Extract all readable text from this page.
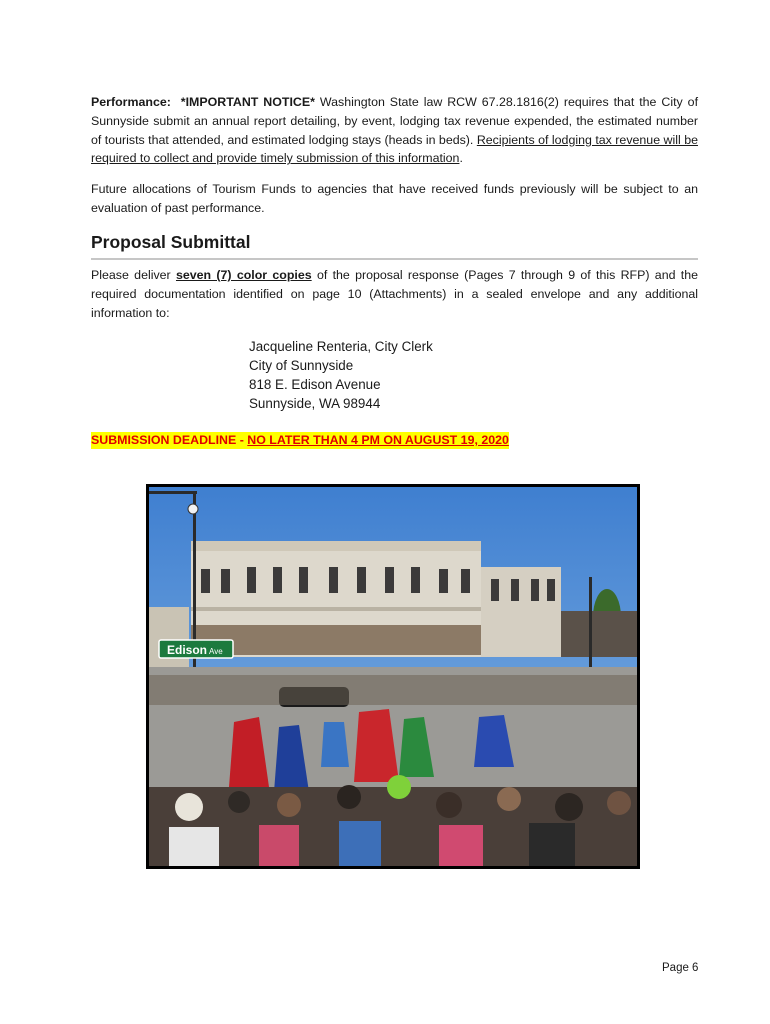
Performance: *IMPORTANT NOTICE* Washington State law RCW 67.28.1816(2) requires that the City of Sunnyside submit an annual report detailing, by event, lodging tax revenue expended, the estimated number of tourists that attended, and estimated lodging stays (heads in beds). Recipients of lodging tax revenue will be required to collect and provide timely submission of this information.

Future allocations of Tourism Funds to agencies that have received funds previously will be subject to an evaluation of past performance.

Proposal Submittal

Please deliver seven (7) color copies of the proposal response (Pages 7 through 9 of this RFP) and the required documentation identified on page 10 (Attachments) in a sealed envelope and any additional information to:

Jacqueline Renteria, City Clerk
City of Sunnyside
818 E. Edison Avenue
Sunnyside, WA 98944
SUBMISSION DEADLINE - NO LATER THAN 4 PM ON AUGUST 19, 2020
Edison Ave
Page 6
